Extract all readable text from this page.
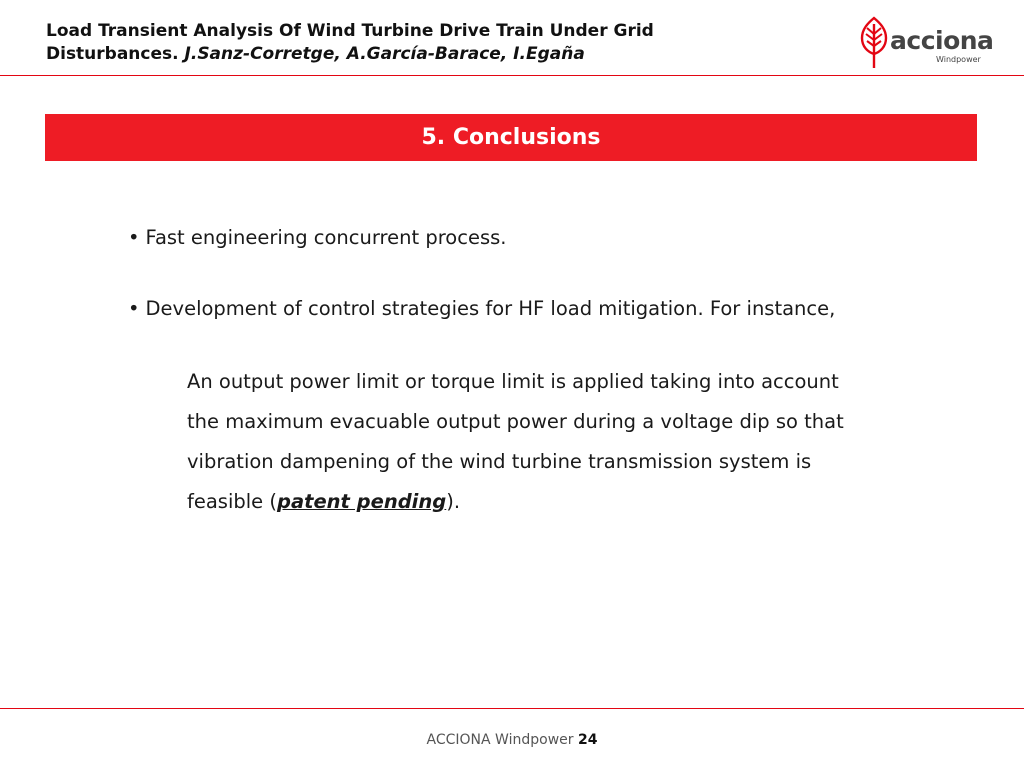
Load Transient Analysis Of Wind Turbine Drive Train Under Grid
Disturbances. J.Sanz-Corretge, A.García-Barace, I.Egaña	acciona
Windpower
5. Conclusions
• Fast engineering concurrent process.
• Development of control strategies for HF load mitigation. For instance,
An output power limit or torque limit is applied taking into account
the maximum evacuable output power during a voltage dip so that
vibration dampening of the wind turbine transmission system is
feasible (patent pending).
ACCIONA Windpower 24
